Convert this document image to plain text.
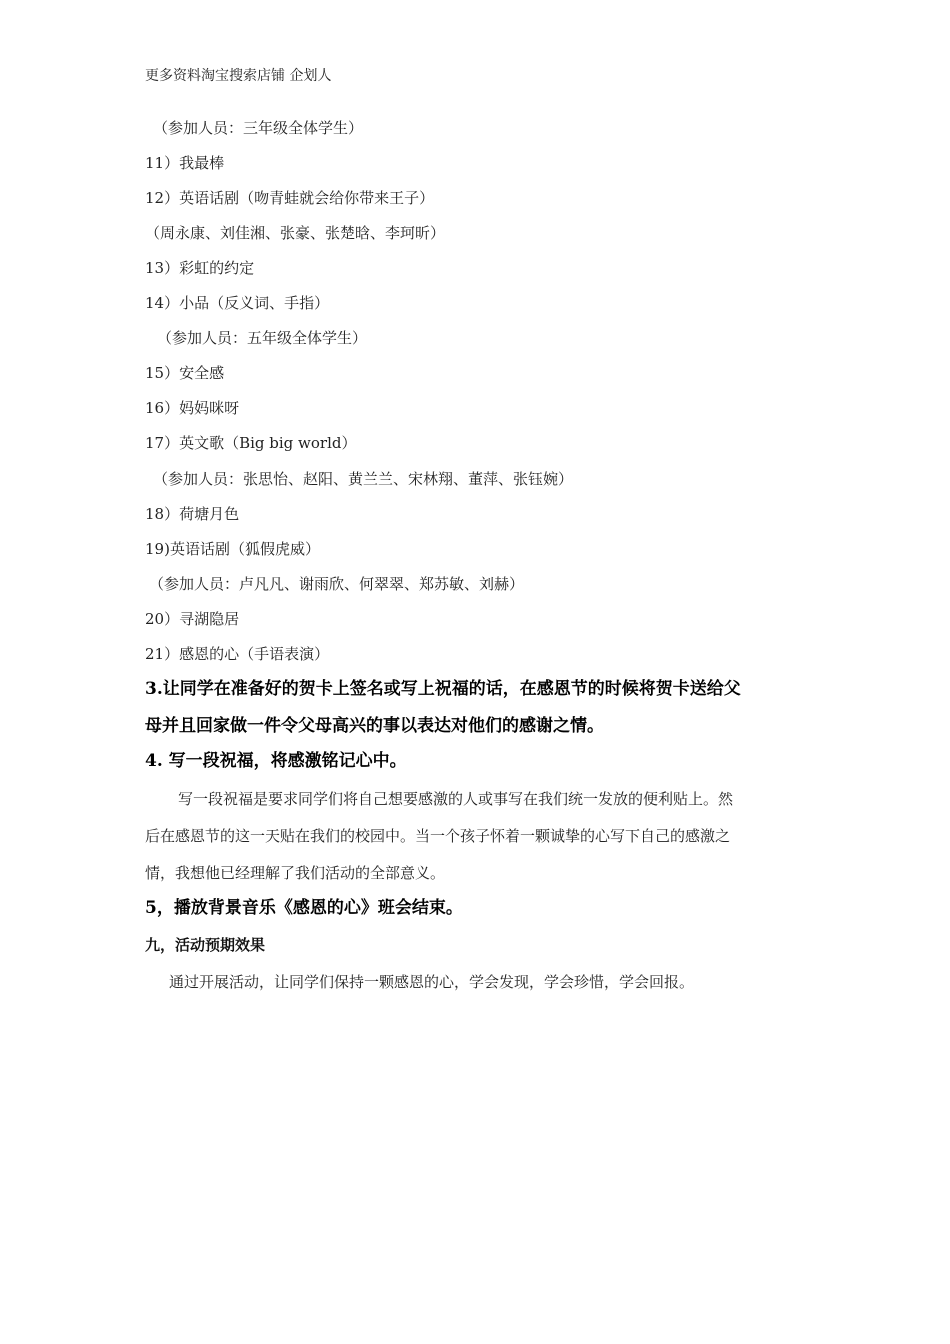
更多资料淘宝搜索店铺 企划人
（参加人员：三年级全体学生）
11）我最棒
12）英语话剧（吻青蛙就会给你带来王子）
（周永康、刘佳湘、张豪、张楚晗、李珂昕）
13）彩虹的约定
14）小品（反义词、手指）
（参加人员：五年级全体学生）
15）安全感
16）妈妈咪呀
17）英文歌（Big big world）
（参加人员：张思怡、赵阳、黄兰兰、宋林翔、董萍、张钰婉）
18）荷塘月色
19)英语话剧（狐假虎威）
（参加人员：卢凡凡、谢雨欣、何翠翠、郑苏敏、刘赫）
20）寻湖隐居
21）感恩的心（手语表演）
3.让同学在准备好的贺卡上签名或写上祝福的话，在感恩节的时候将贺卡送给父
母并且回家做一件令父母高兴的事以表达对他们的感谢之情。
4. 写一段祝福，将感激铭记心中。
写一段祝福是要求同学们将自己想要感激的人或事写在我们统一发放的便利贴上。然
后在感恩节的这一天贴在我们的校园中。当一个孩子怀着一颗诚挚的心写下自己的感激之
情，我想他已经理解了我们活动的全部意义。
5，播放背景音乐《感恩的心》班会结束。
九，活动预期效果
通过开展活动，让同学们保持一颗感恩的心，学会发现，学会珍惜，学会回报。
